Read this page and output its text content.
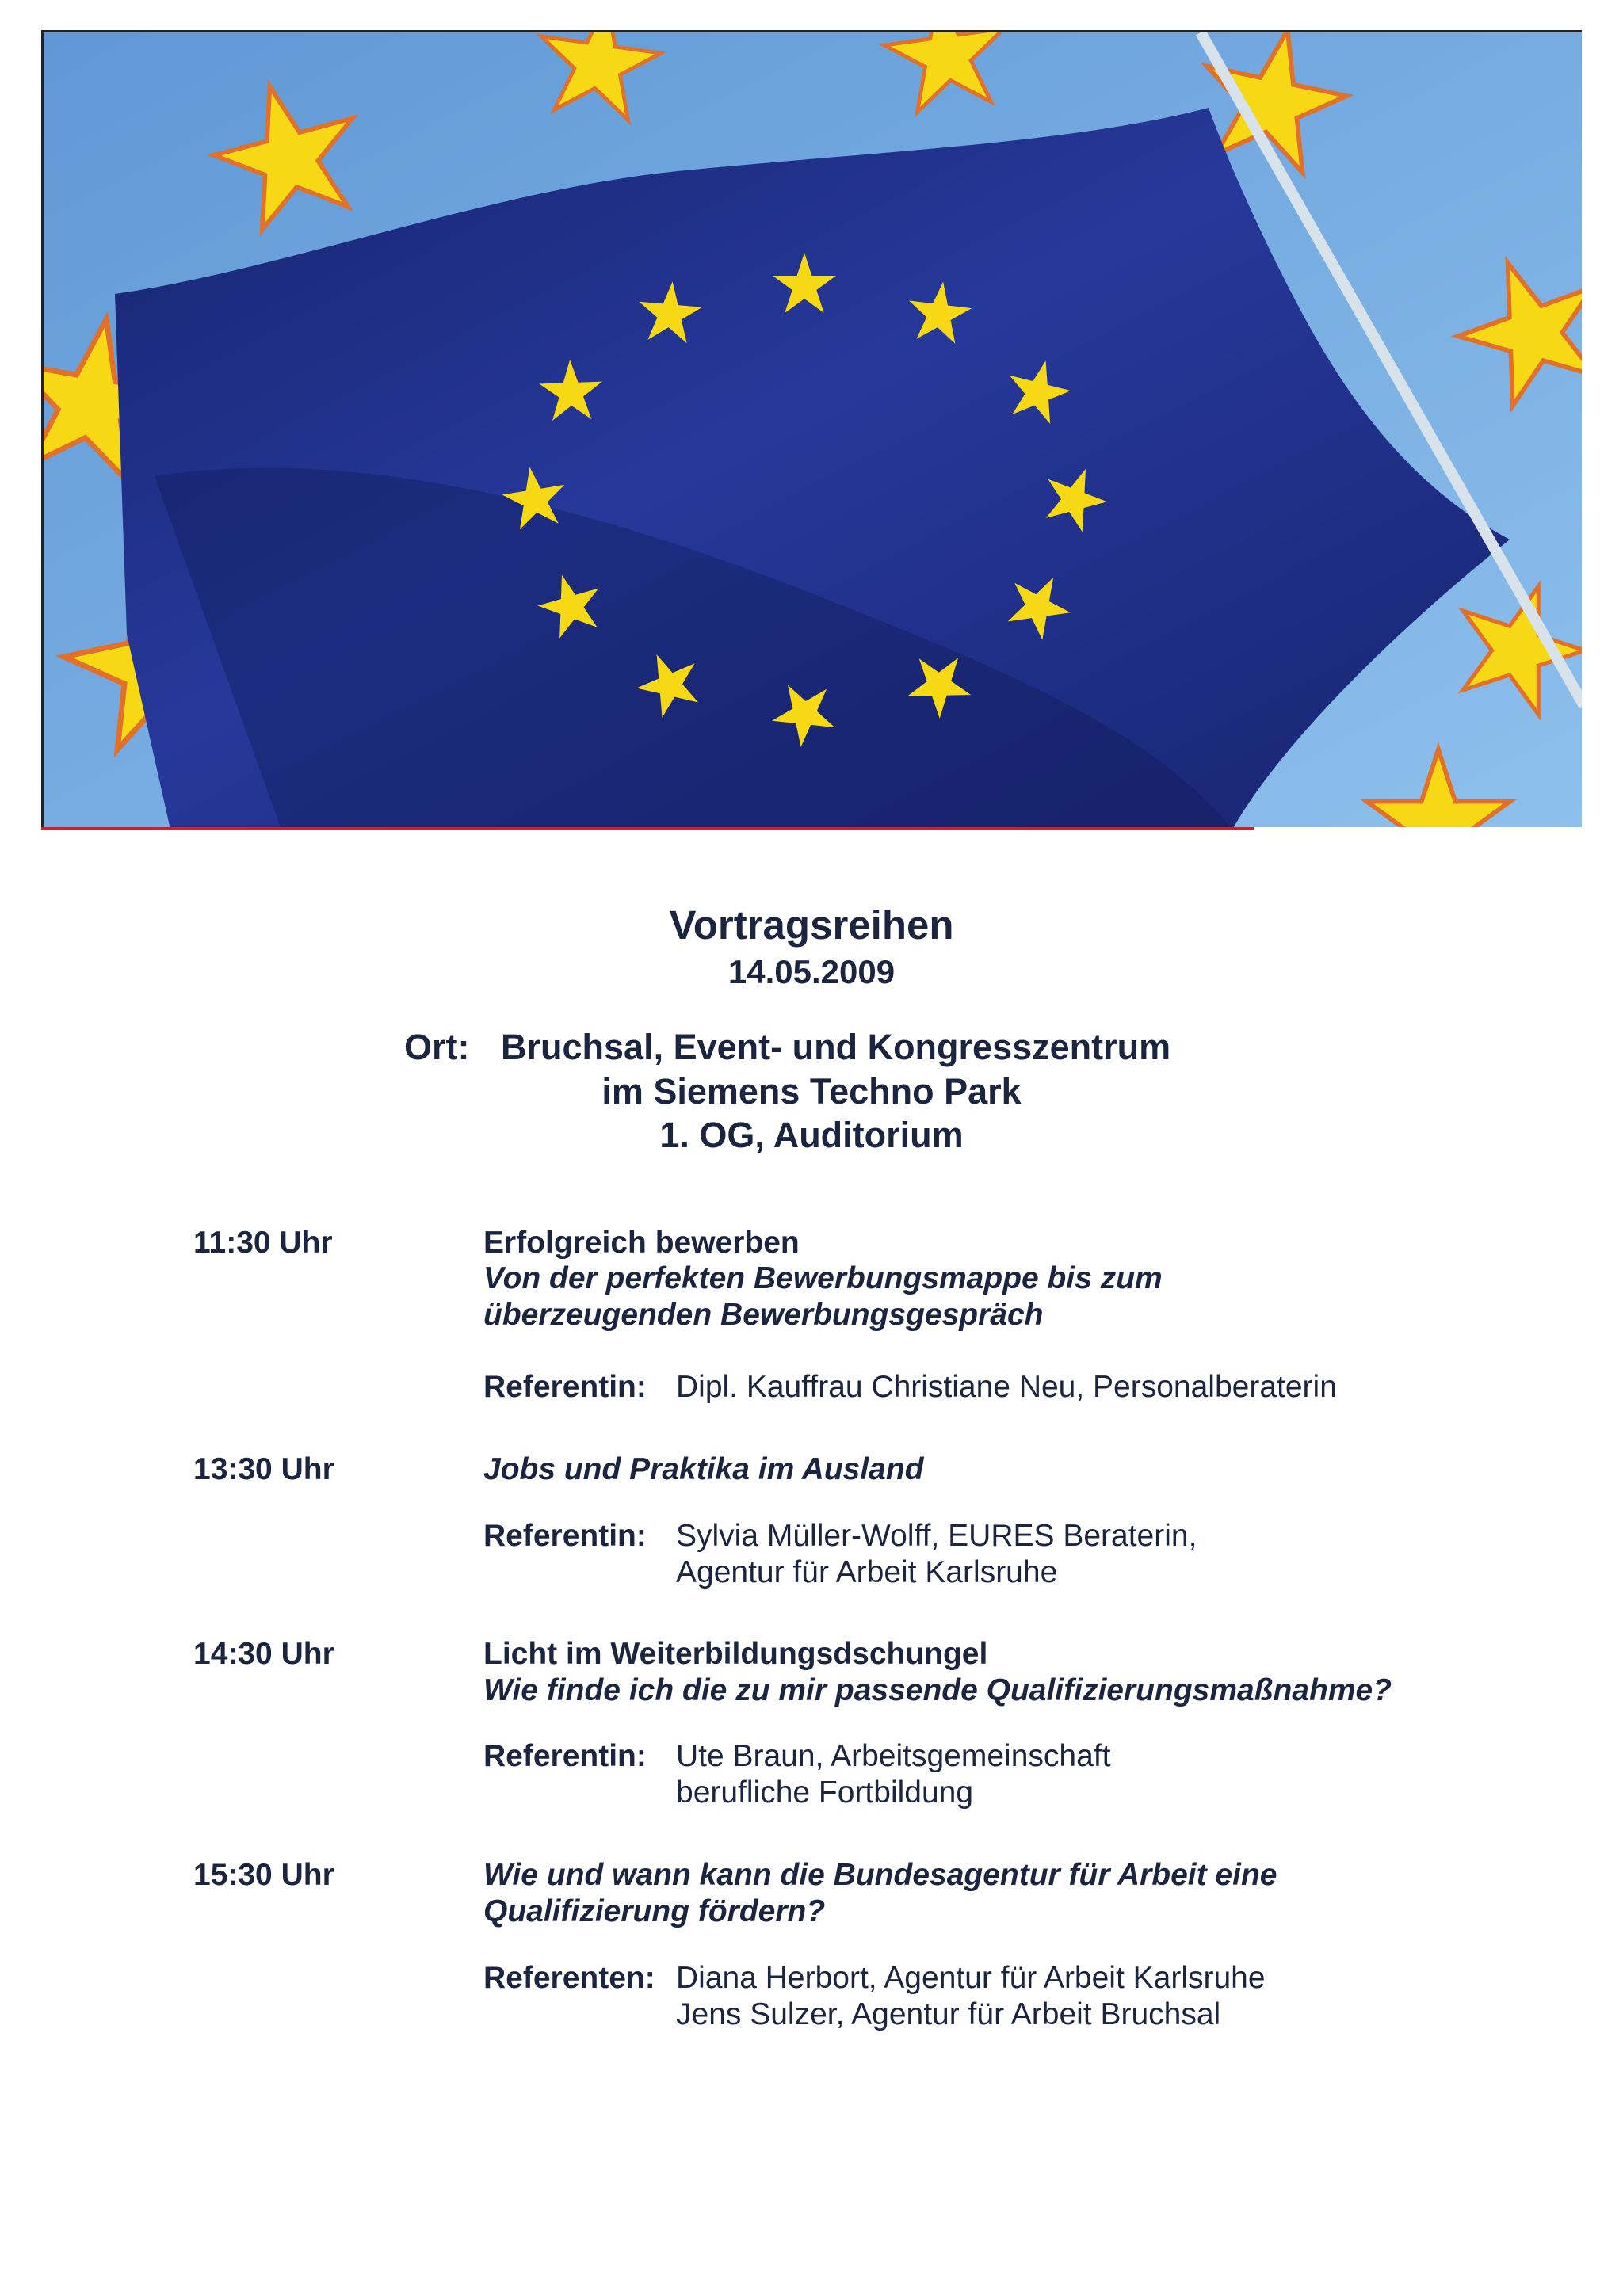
Vortragsreihen
14.05.2009
Ort: Bruchsal, Event- und Kongresszentrum
im Siemens Techno Park
1. OG, Auditorium
11:30 Uhr	Erfolgreich bewerben
Von der perfekten Bewerbungsmappe bis zum
überzeugenden Bewerbungsgespräch
Referentin: Dipl. Kauffrau Christiane Neu, Personalberaterin
13:30 Uhr	Jobs und Praktika im Ausland
Referentin: Sylvia Müller-Wolff, EURES Beraterin,
Agentur für Arbeit Karlsruhe
14:30 Uhr	Licht im Weiterbildungsdschungel
Wie finde ich die zu mir passende Qualifizierungsmaßnahme?
Referentin: Ute Braun, Arbeitsgemeinschaft
berufliche Fortbildung
15:30 Uhr	Wie und wann kann die Bundesagentur für Arbeit eine
Qualifizierung fördern?
Referenten: Diana Herbort, Agentur für Arbeit Karlsruhe
Jens Sulzer, Agentur für Arbeit Bruchsal
